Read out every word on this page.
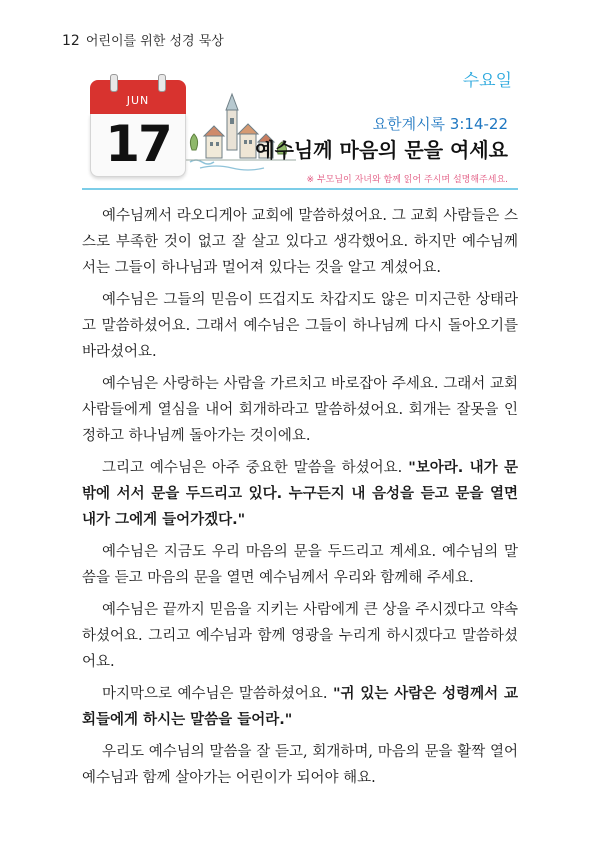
12 어린이를 위한 성경 묵상
JUN
17
수요일
요한계시록 3:14-22
예수님께 마음의 문을 여세요
※ 부모님이 자녀와 함께 읽어 주시며 설명해주세요.

예수님께서 라오디게아 교회에 말씀하셨어요. 그 교회 사람들은 스스로 부족한 것이 없고 잘 살고 있다고 생각했어요. 하지만 예수님께서는 그들이 하나님과 멀어져 있다는 것을 알고 계셨어요.

예수님은 그들의 믿음이 뜨겁지도 차갑지도 않은 미지근한 상태라고 말씀하셨어요. 그래서 예수님은 그들이 하나님께 다시 돌아오기를 바라셨어요.

예수님은 사랑하는 사람을 가르치고 바로잡아 주세요. 그래서 교회 사람들에게 열심을 내어 회개하라고 말씀하셨어요. 회개는 잘못을 인정하고 하나님께 돌아가는 것이에요.

그리고 예수님은 아주 중요한 말씀을 하셨어요. "보아라. 내가 문 밖에 서서 문을 두드리고 있다. 누구든지 내 음성을 듣고 문을 열면 내가 그에게 들어가겠다."

예수님은 지금도 우리 마음의 문을 두드리고 계세요. 예수님의 말씀을 듣고 마음의 문을 열면 예수님께서 우리와 함께해 주세요.

예수님은 끝까지 믿음을 지키는 사람에게 큰 상을 주시겠다고 약속하셨어요. 그리고 예수님과 함께 영광을 누리게 하시겠다고 말씀하셨어요.

마지막으로 예수님은 말씀하셨어요. "귀 있는 사람은 성령께서 교회들에게 하시는 말씀을 들어라."

우리도 예수님의 말씀을 잘 듣고, 회개하며, 마음의 문을 활짝 열어 예수님과 함께 살아가는 어린이가 되어야 해요.
